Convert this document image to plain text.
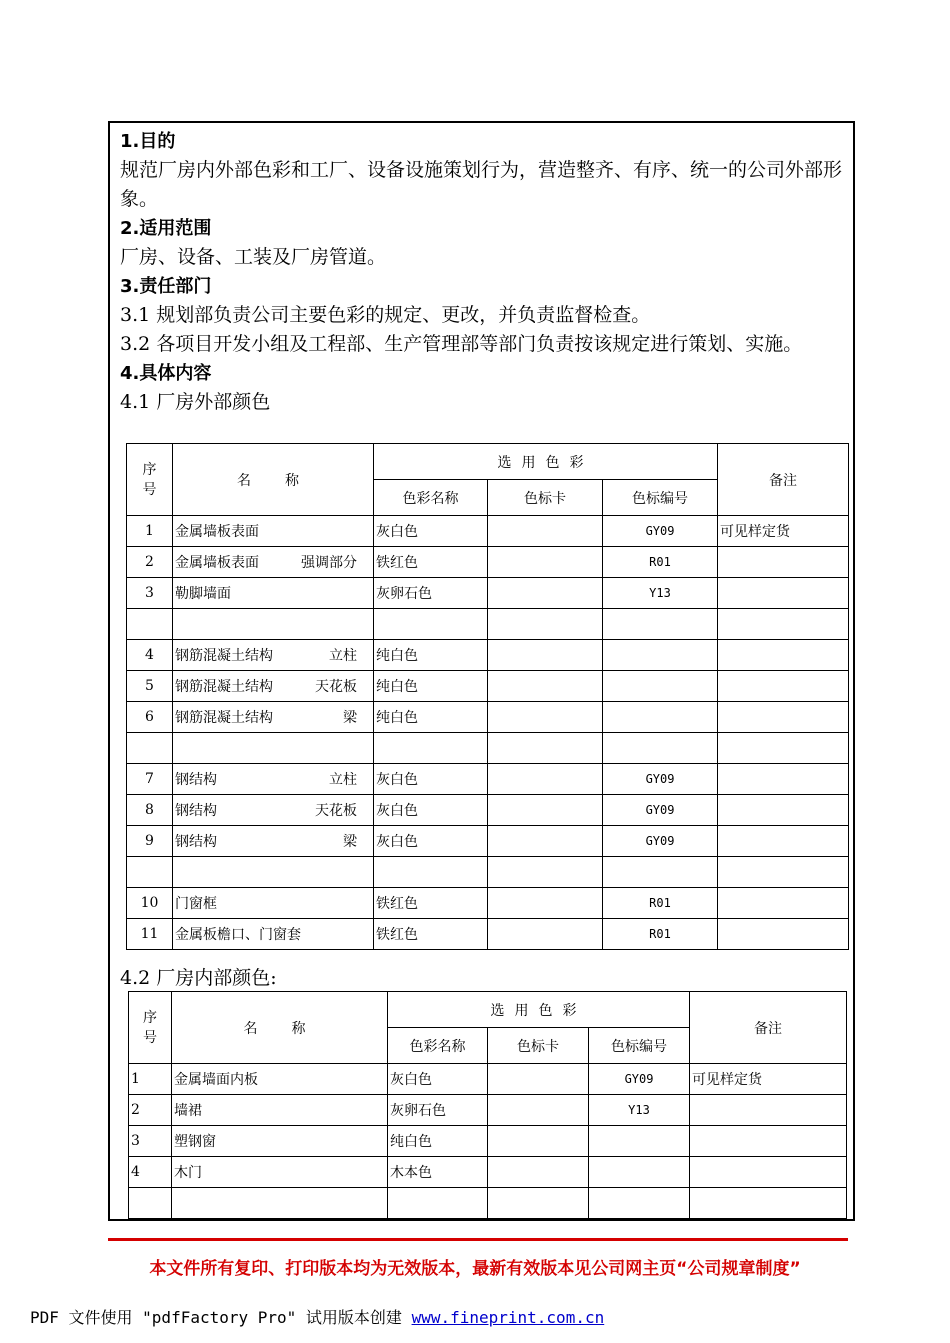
1.目的

规范厂房内外部色彩和工厂、设备设施策划行为，营造整齐、有序、统一的公司外部形象。

2.适用范围

厂房、设备、工装及厂房管道。

3.责任部门

3.1 规划部负责公司主要色彩的规定、更改，并负责监督检查。

3.2 各项目开发小组及工程部、生产管理部等部门负责按该规定进行策划、实施。

4.具体内容

4.1 厂房外部颜色

序
号	名　称	选用色彩			备注
		色彩名称	色标卡	色标编号	
1	金属墙板表面	灰白色		GY09	可见样定货
2	金属墙板表面 强调部分	铁红色		R01	
3	勒脚墙面	灰卵石色		Y13	

4	钢筋混凝土结构 立柱	纯白色			
5	钢筋混凝土结构 天花板	纯白色			
6	钢筋混凝土结构 梁	纯白色			

7	钢结构 立柱	灰白色		GY09	
8	钢结构 天花板	灰白色		GY09	
9	钢结构 梁	灰白色		GY09	

10	门窗框	铁红色		R01	
11	金属板檐口、门窗套	铁红色		R01	
4.2 厂房内部颜色:
序
号	名　称	选用色彩			备注
		色彩名称	色标卡	色标编号	
1	金属墙面内板	灰白色		GY09	可见样定货
2	墙裙	灰卵石色		Y13	
3	塑钢窗	纯白色			
4	木门	木本色			

本文件所有复印、打印版本均为无效版本，最新有效版本见公司网主页“公司规章制度”
PDF 文件使用 "pdfFactory Pro" 试用版本创建 www.fineprint.com.cn
